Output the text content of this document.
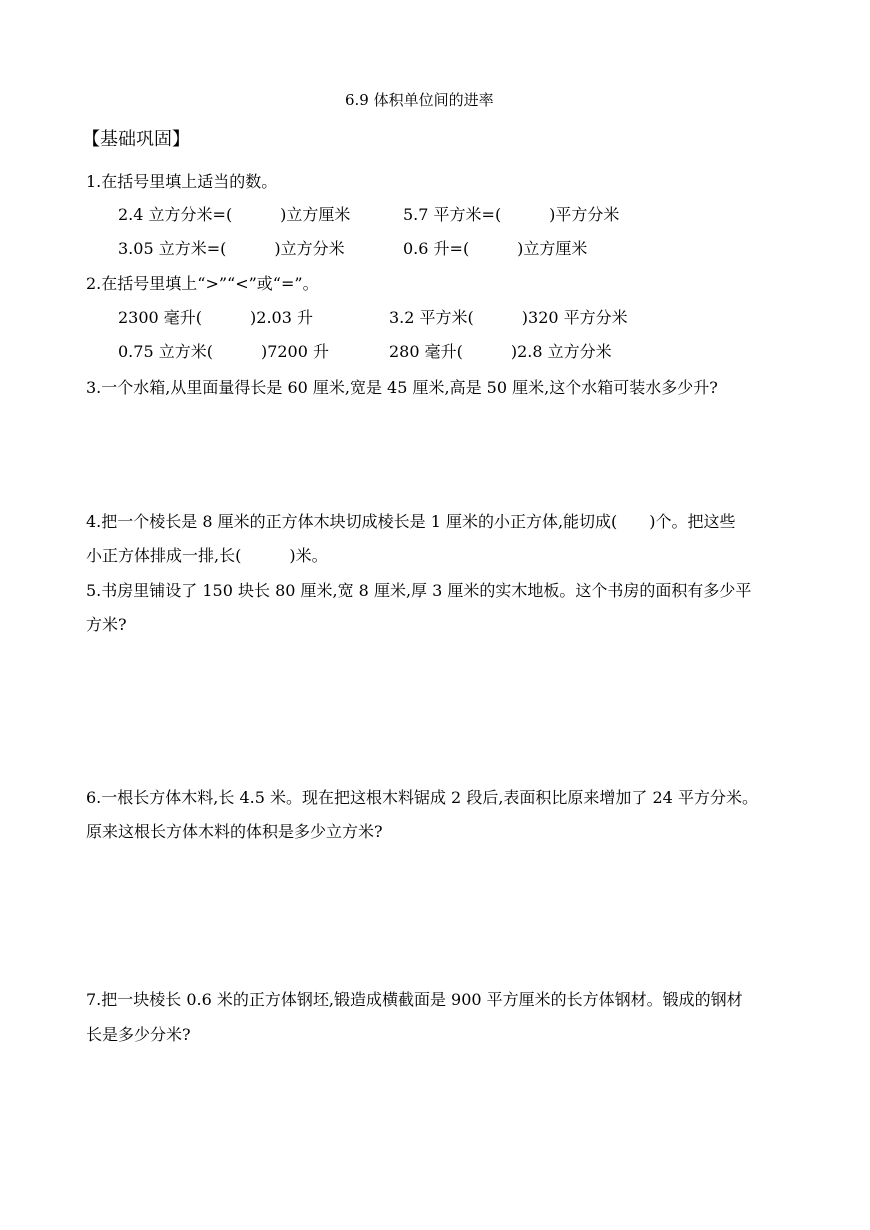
6.9 体积单位间的进率
【基础巩固】
1.在括号里填上适当的数。
2.4 立方分米=(　　　)立方厘米	5.7 平方米=(　　　)平方分米
3.05 立方米=(　　　)立方分米	0.6 升=(　　　)立方厘米
2.在括号里填上“>”“<”或“=”。
2300 毫升(　　　)2.03 升	3.2 平方米(　　　)320 平方分米
0.75 立方米(　　　)7200 升	280 毫升(　　　)2.8 立方分米
3.一个水箱,从里面量得长是 60 厘米,宽是 45 厘米,高是 50 厘米,这个水箱可装水多少升?
4.把一个棱长是 8 厘米的正方体木块切成棱长是 1 厘米的小正方体,能切成(　　)个。把这些
小正方体排成一排,长(　　　)米。
5.书房里铺设了 150 块长 80 厘米,宽 8 厘米,厚 3 厘米的实木地板。这个书房的面积有多少平
方米?
6.一根长方体木料,长 4.5 米。现在把这根木料锯成 2 段后,表面积比原来增加了 24 平方分米。
原来这根长方体木料的体积是多少立方米?
7.把一块棱长 0.6 米的正方体钢坯,锻造成横截面是 900 平方厘米的长方体钢材。锻成的钢材
长是多少分米?
